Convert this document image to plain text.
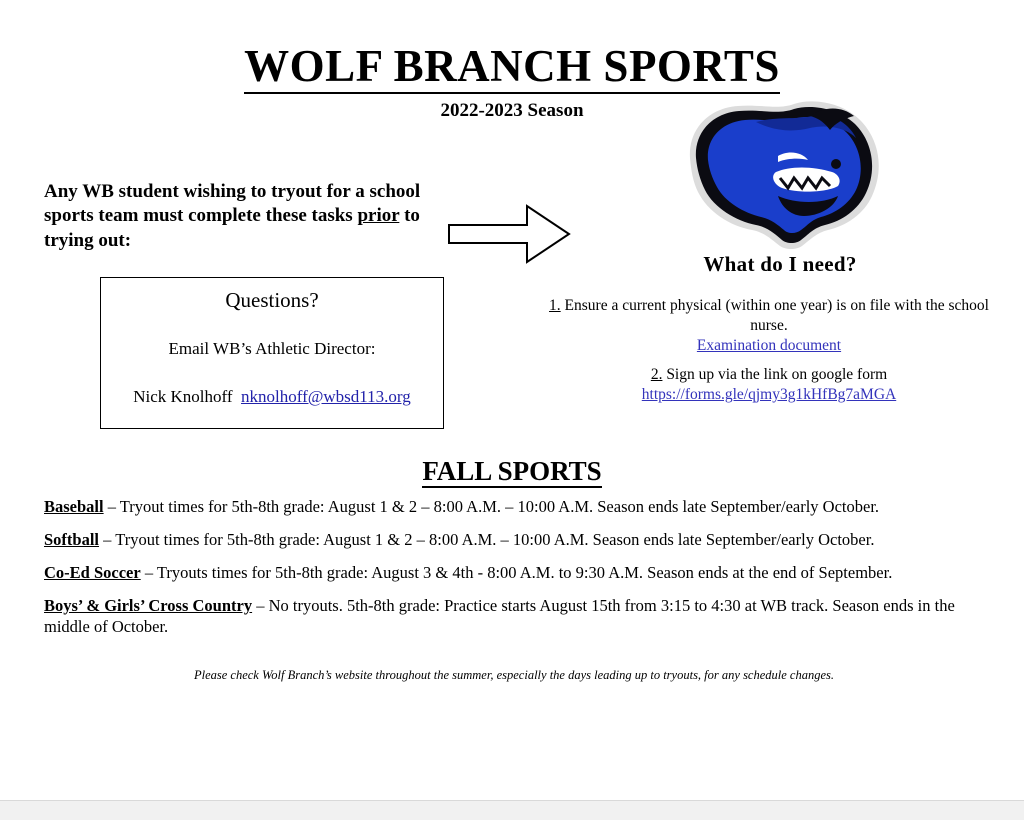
WOLF BRANCH SPORTS
2022-2023 Season
Any WB student wishing to tryout for a school sports team must complete these tasks prior to trying out:
Questions?
Email WB’s Athletic Director:
Nick Knolhoff nknolhoff@wbsd113.org
What do I need?
1. Ensure a current physical (within one year) is on file with the school nurse.
Examination document
2. Sign up via the link on google form
https://forms.gle/qjmy3g1kHfBg7aMGA
FALL SPORTS
Baseball – Tryout times for 5th-8th grade: August 1 & 2 – 8:00 A.M. – 10:00 A.M. Season ends late September/early October.
Softball – Tryout times for 5th-8th grade: August 1 & 2 – 8:00 A.M. – 10:00 A.M. Season ends late September/early October.
Co-Ed Soccer – Tryouts times for 5th-8th grade: August 3 & 4th - 8:00 A.M. to 9:30 A.M. Season ends at the end of September.
Boys’ & Girls’ Cross Country – No tryouts. 5th-8th grade: Practice starts August 15th from 3:15 to 4:30 at WB track. Season ends in the middle of October.
Please check Wolf Branch’s website throughout the summer, especially the days leading up to tryouts, for any schedule changes.
